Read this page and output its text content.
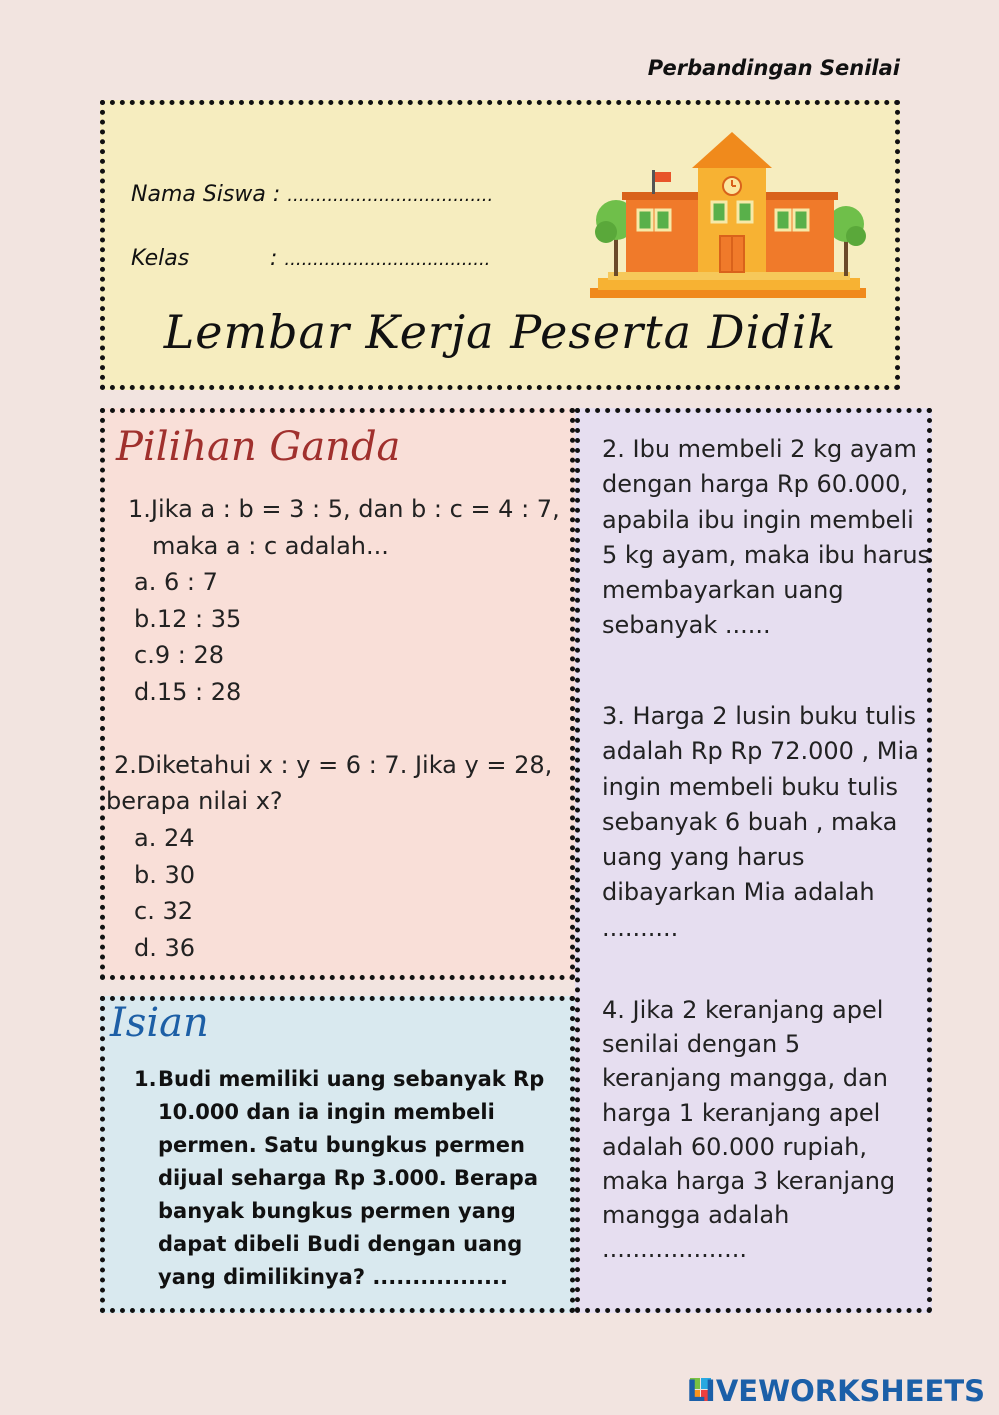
Perbandingan Senilai
Nama Siswa : ....................................
Kelas	: ....................................
Lembar Kerja Peserta Didik
Pilihan Ganda
1.Jika a : b = 3 : 5, dan b : c = 4 : 7,
maka a : c adalah...
a. 6 : 7
b.12 : 35
c.9 : 28
d.15 : 28
2.Diketahui x : y = 6 : 7. Jika y = 28,
berapa nilai x?
a. 24
b. 30
c. 32
d. 36
Isian
1. Budi memiliki uang sebanyak Rp
10.000 dan ia ingin membeli
permen. Satu bungkus permen
dijual seharga Rp 3.000. Berapa
banyak bungkus permen yang
dapat dibeli Budi dengan uang
yang dimilikinya? .................
2. Ibu membeli 2 kg ayam
dengan harga Rp 60.000,
apabila ibu ingin membeli
5 kg ayam, maka ibu harus
membayarkan uang
sebanyak ......
3. Harga 2 lusin buku tulis
adalah Rp Rp 72.000 , Mia
ingin membeli buku tulis
sebanyak 6 buah , maka
uang yang harus
dibayarkan Mia adalah
..........
4. Jika 2 keranjang apel
senilai dengan 5
keranjang mangga, dan
harga 1 keranjang apel
adalah 60.000 rupiah,
maka harga 3 keranjang
mangga adalah
...................
LIVEWORKSHEETS
